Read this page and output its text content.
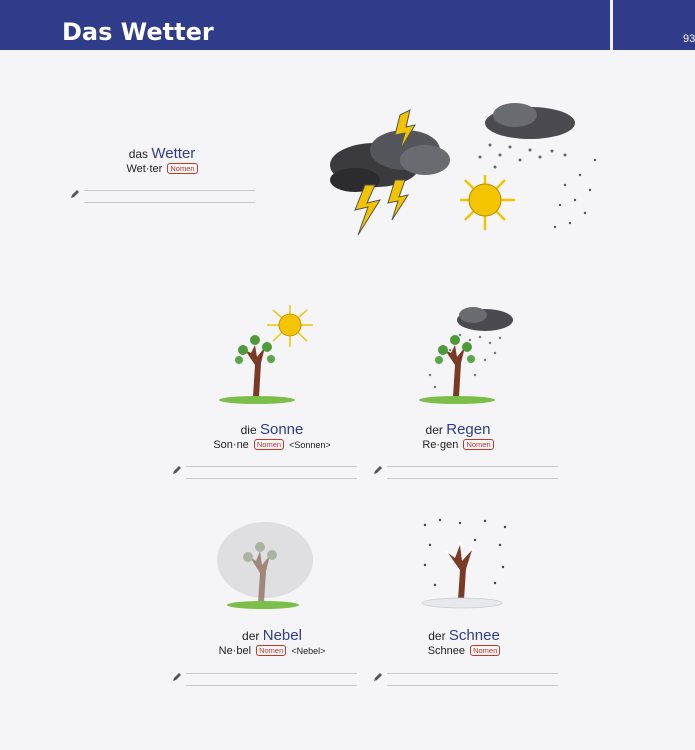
Das Wetter	93
das Wetter
Wet·ter Nomen
die Sonne
Son·ne Nomen <Sonnen>
der Regen
Re·gen Nomen
der Nebel
Ne·bel Nomen <Nebel>
der Schnee
Schnee Nomen
